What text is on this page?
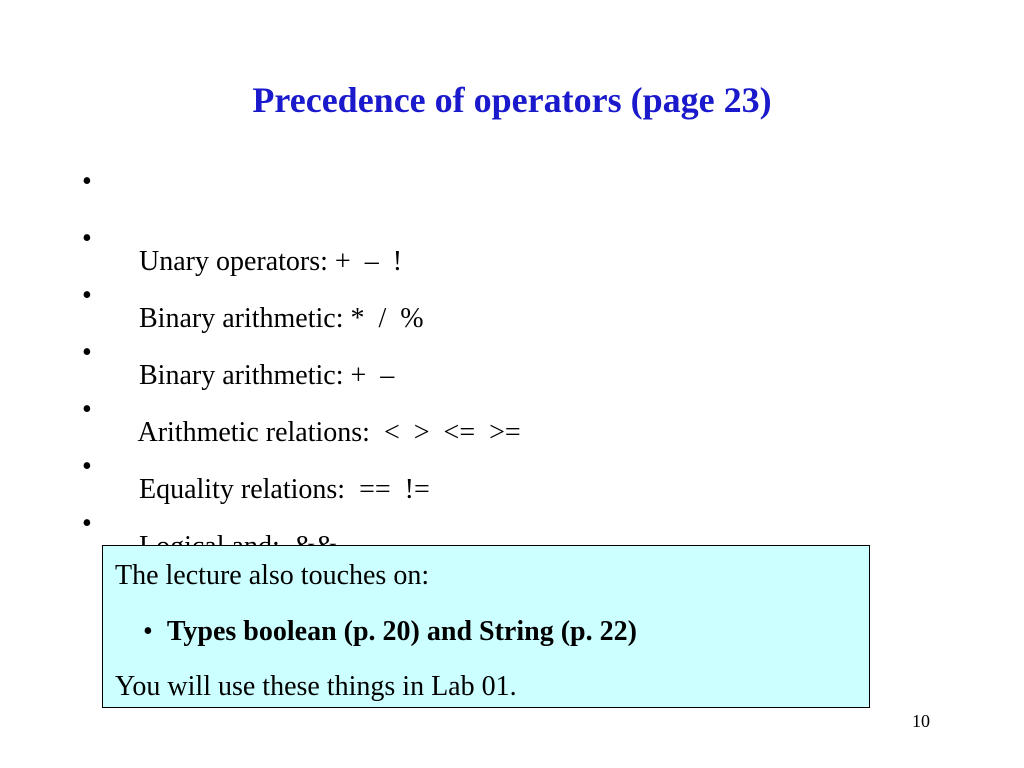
Precedence of operators (page 23)

•

Unary operators: +  –  !

•

Binary arithmetic: *  /  %

•

Binary arithmetic: +  –

•

Arithmetic relations:  <  >  <=  >=

•

Equality relations:  ==  !=

•

•

The lecture also touches on:
• Types boolean (p. 20) and String (p. 22)
You will use these things in Lab 01.
10
